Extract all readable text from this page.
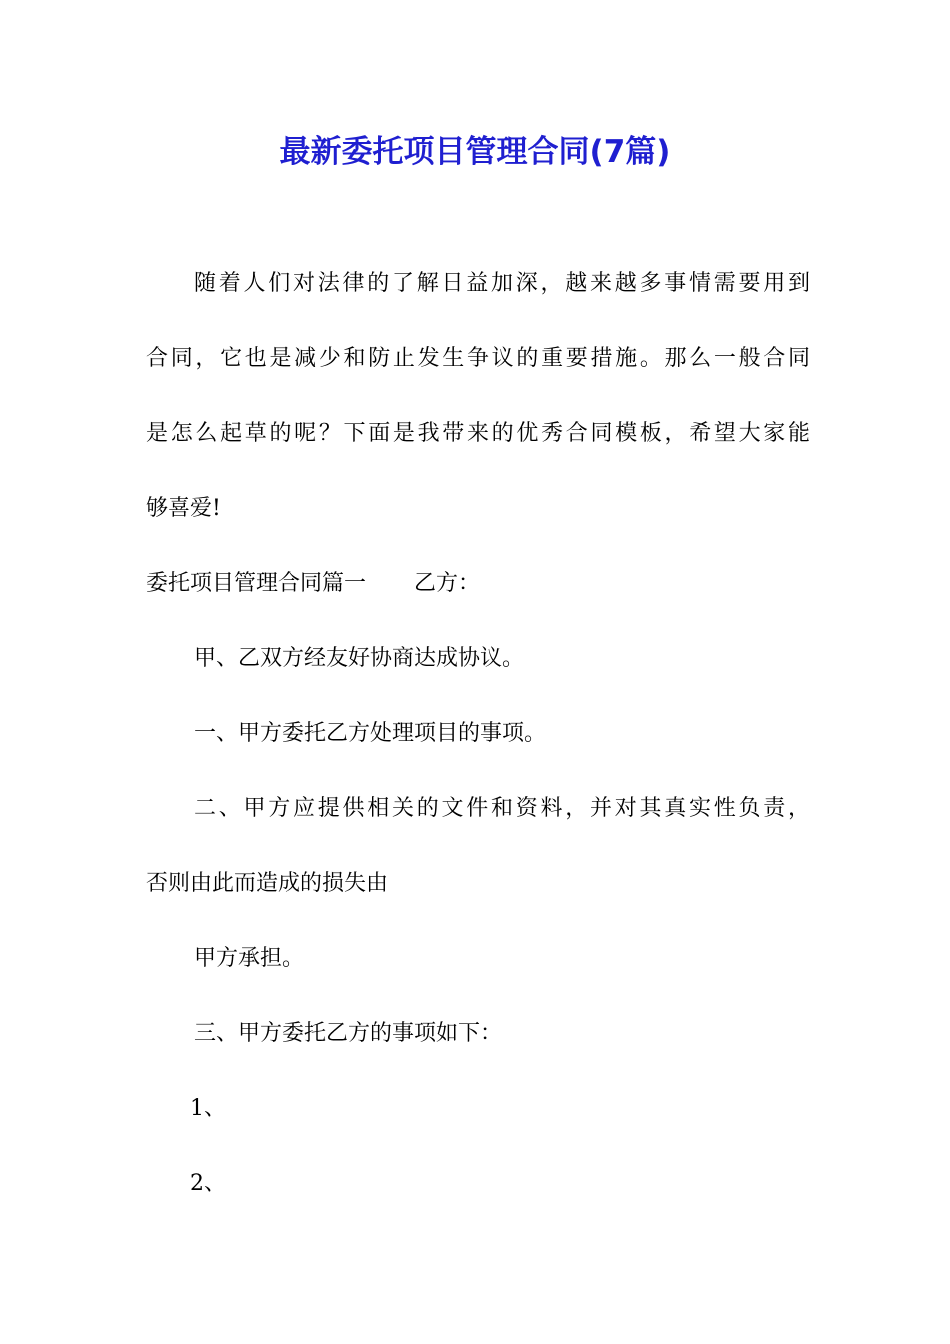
最新委托项目管理合同(7篇)
随着人们对法律的了解日益加深，越来越多事情需要用到
合同，它也是减少和防止发生争议的重要措施。那么一般合同
是怎么起草的呢？下面是我带来的优秀合同模板，希望大家能
够喜爱!
委托项目管理合同篇一 乙方：
甲、乙双方经友好协商达成协议。
一、甲方委托乙方处理项目的事项。
二、甲方应提供相关的文件和资料，并对其真实性负责，
否则由此而造成的损失由
甲方承担。
三、甲方委托乙方的事项如下：
1、
2、
